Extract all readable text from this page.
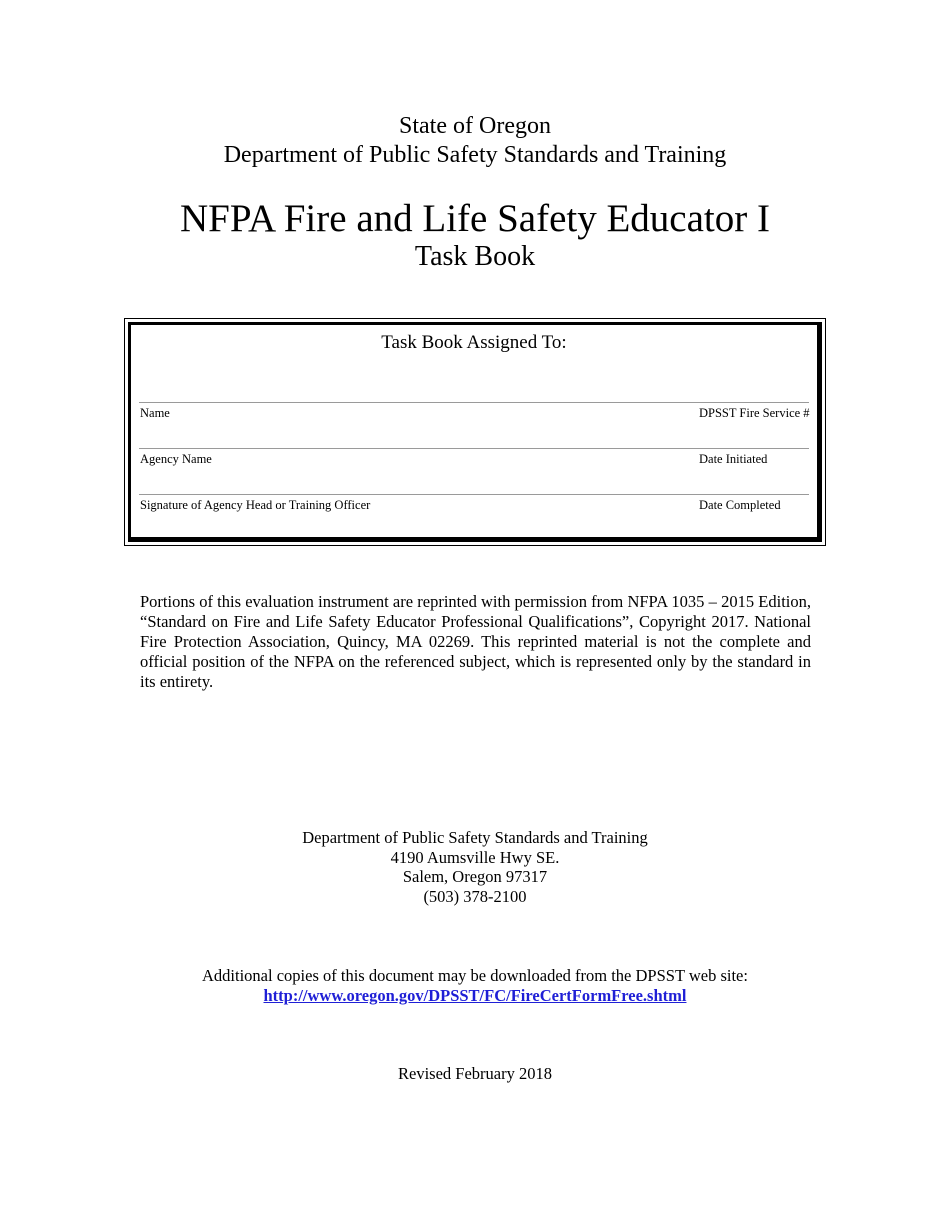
State of Oregon
Department of Public Safety Standards and Training
NFPA Fire and Life Safety Educator I
Task Book
Task Book Assigned To:
Name	DPSST Fire Service #
Agency Name	Date Initiated
Signature of Agency Head or Training Officer	Date Completed
Portions of this evaluation instrument are reprinted with permission from NFPA 1035 – 2015 Edition, “Standard on Fire and Life Safety Educator Professional Qualifications”, Copyright 2017. National Fire Protection Association, Quincy, MA 02269. This reprinted material is not the complete and official position of the NFPA on the referenced subject, which is represented only by the standard in its entirety.
Department of Public Safety Standards and Training
4190 Aumsville Hwy SE.
Salem, Oregon 97317
(503) 378-2100
Additional copies of this document may be downloaded from the DPSST web site:
http://www.oregon.gov/DPSST/FC/FireCertFormFree.shtml
Revised February 2018
